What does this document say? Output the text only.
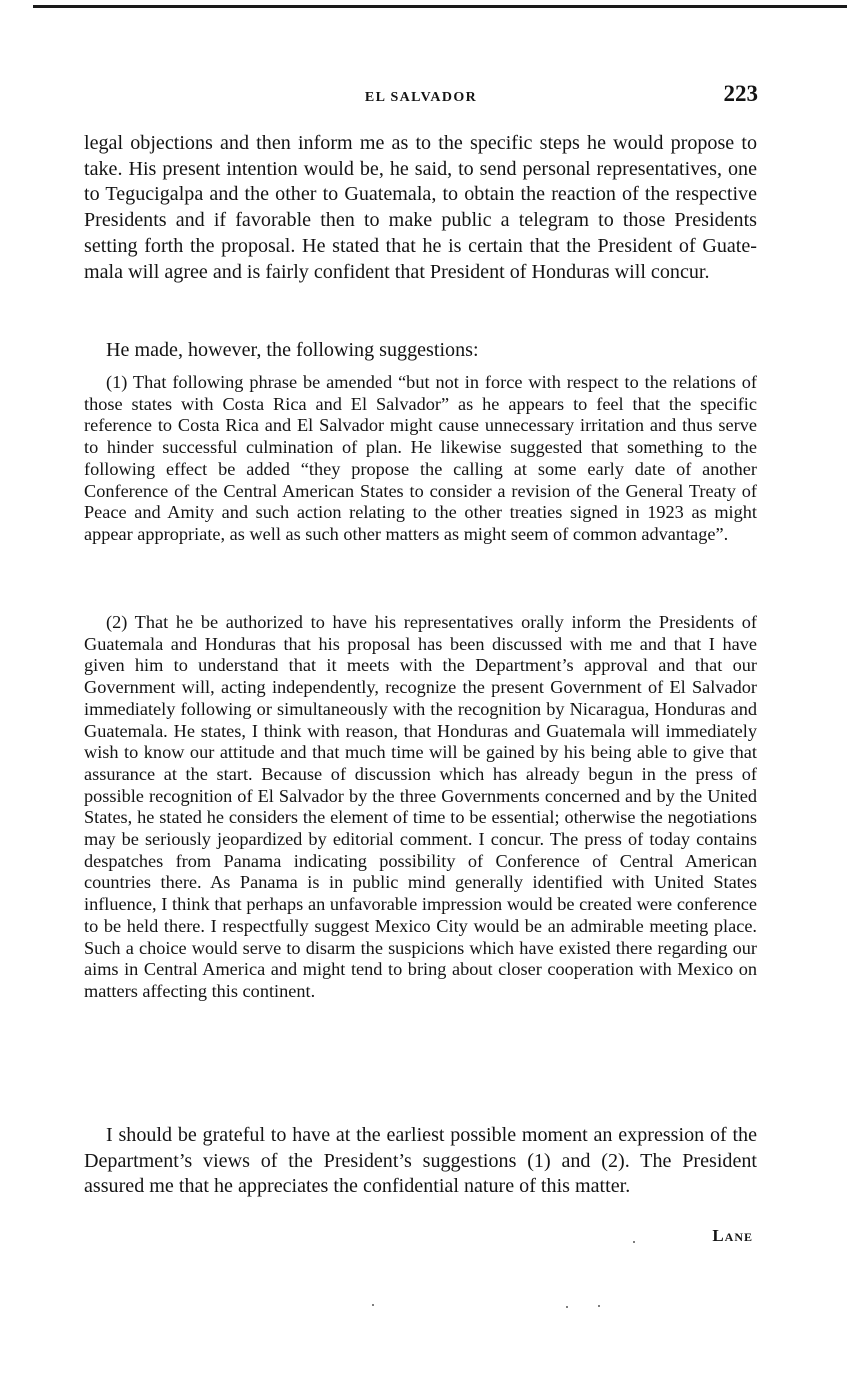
EL SALVADOR	223

legal objections and then inform me as to the specific steps he would propose to take. His present intention would be, he said, to send personal representatives, one to Tegucigalpa and the other to Guatemala, to obtain the reaction of the respective Presidents and if favorable then to make public a telegram to those Presidents setting forth the proposal. He stated that he is certain that the President of Guatemala will agree and is fairly confident that President of Honduras will concur.

He made, however, the following suggestions:

(1) That following phrase be amended “but not in force with respect to the relations of those states with Costa Rica and El Salvador” as he appears to feel that the specific reference to Costa Rica and El Salvador might cause unnecessary irritation and thus serve to hinder successful culmination of plan. He likewise suggested that something to the following effect be added “they propose the calling at some early date of another Conference of the Central American States to consider a revision of the General Treaty of Peace and Amity and such action relating to the other treaties signed in 1923 as might appear appropriate, as well as such other matters as might seem of common advantage”.

(2) That he be authorized to have his representatives orally inform the Presidents of Guatemala and Honduras that his proposal has been discussed with me and that I have given him to understand that it meets with the Department’s approval and that our Government will, acting independently, recognize the present Government of El Salvador immediately following or simultaneously with the recognition by Nicaragua, Honduras and Guatemala. He states, I think with reason, that Honduras and Guatemala will immediately wish to know our attitude and that much time will be gained by his being able to give that assurance at the start. Because of discussion which has already begun in the press of possible recognition of El Salvador by the three Governments concerned and by the United States, he stated he considers the element of time to be essential; otherwise the negotiations may be seriously jeopardized by editorial comment. I concur. The press of today contains despatches from Panama indicating possibility of Conference of Central American countries there. As Panama is in public mind generally identified with United States influence, I think that perhaps an unfavorable impression would be created were conference to be held there. I respectfully suggest Mexico City would be an admirable meeting place. Such a choice would serve to disarm the suspicions which have existed there regarding our aims in Central America and might tend to bring about closer cooperation with Mexico on matters affecting this continent.

I should be grateful to have at the earliest possible moment an expression of the Department’s views of the President’s suggestions (1) and (2). The President assured me that he appreciates the confidential nature of this matter.

Lane
